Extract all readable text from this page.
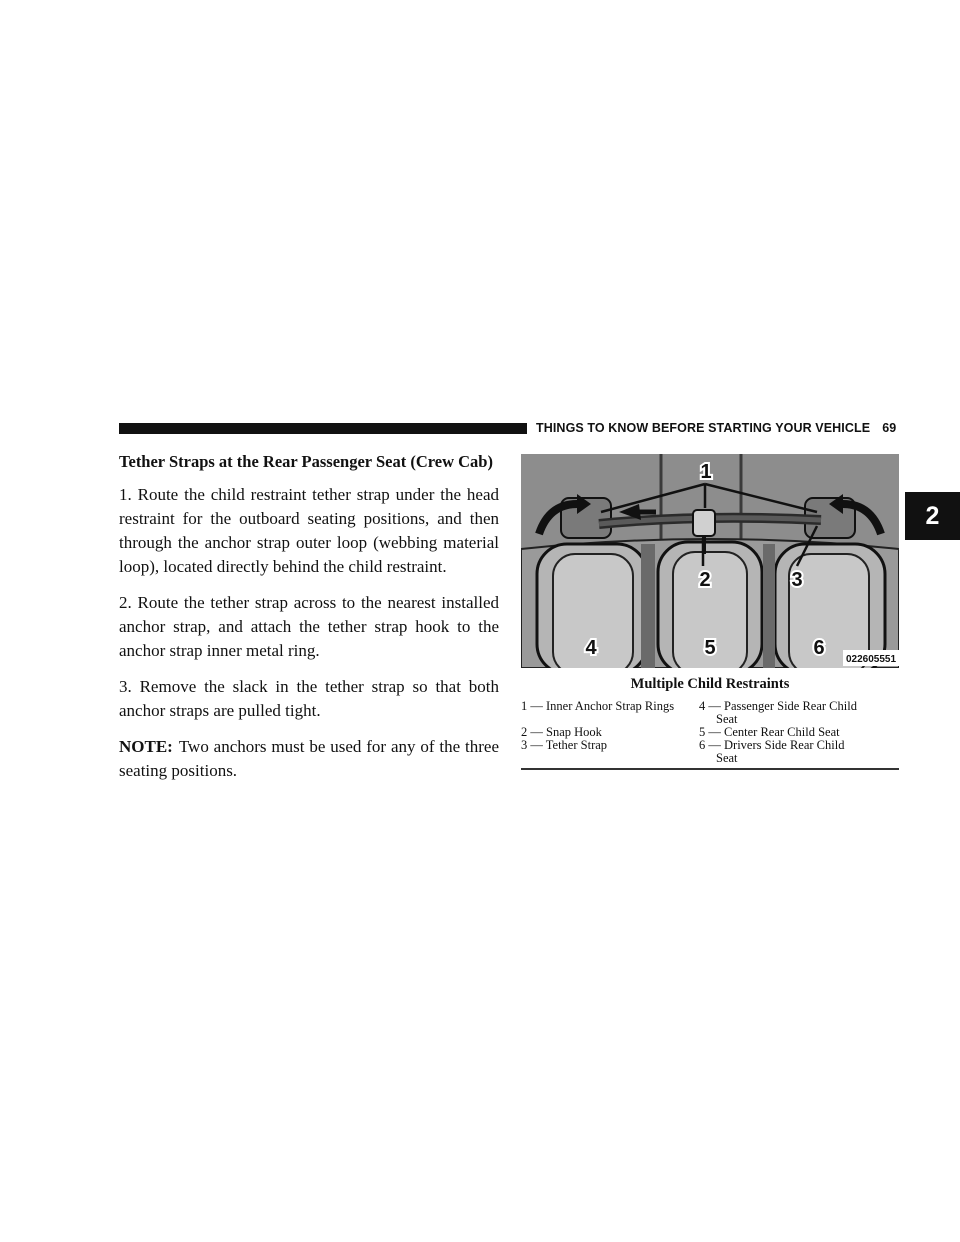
THINGS TO KNOW BEFORE STARTING YOUR VEHICLE 69
2
Tether Straps at the Rear Passenger Seat (Crew Cab)

1. Route the child restraint tether strap under the head restraint for the outboard seating positions, and then through the anchor strap outer loop (webbing material loop), located directly behind the child restraint.

2. Route the tether strap across to the nearest installed anchor strap, and attach the tether strap hook to the anchor strap inner metal ring.

3. Remove the slack in the tether strap so that both anchor straps are pulled tight.

NOTE: Two anchors must be used for any of the three seating positions.

1
2	3
4	5	6
022605551
Multiple Child Restraints
1 — Inner Anchor Strap Rings	4 — Passenger Side Rear Child
Seat
2 — Snap Hook	5 — Center Rear Child Seat
3 — Tether Strap	6 — Drivers Side Rear Child
Seat
